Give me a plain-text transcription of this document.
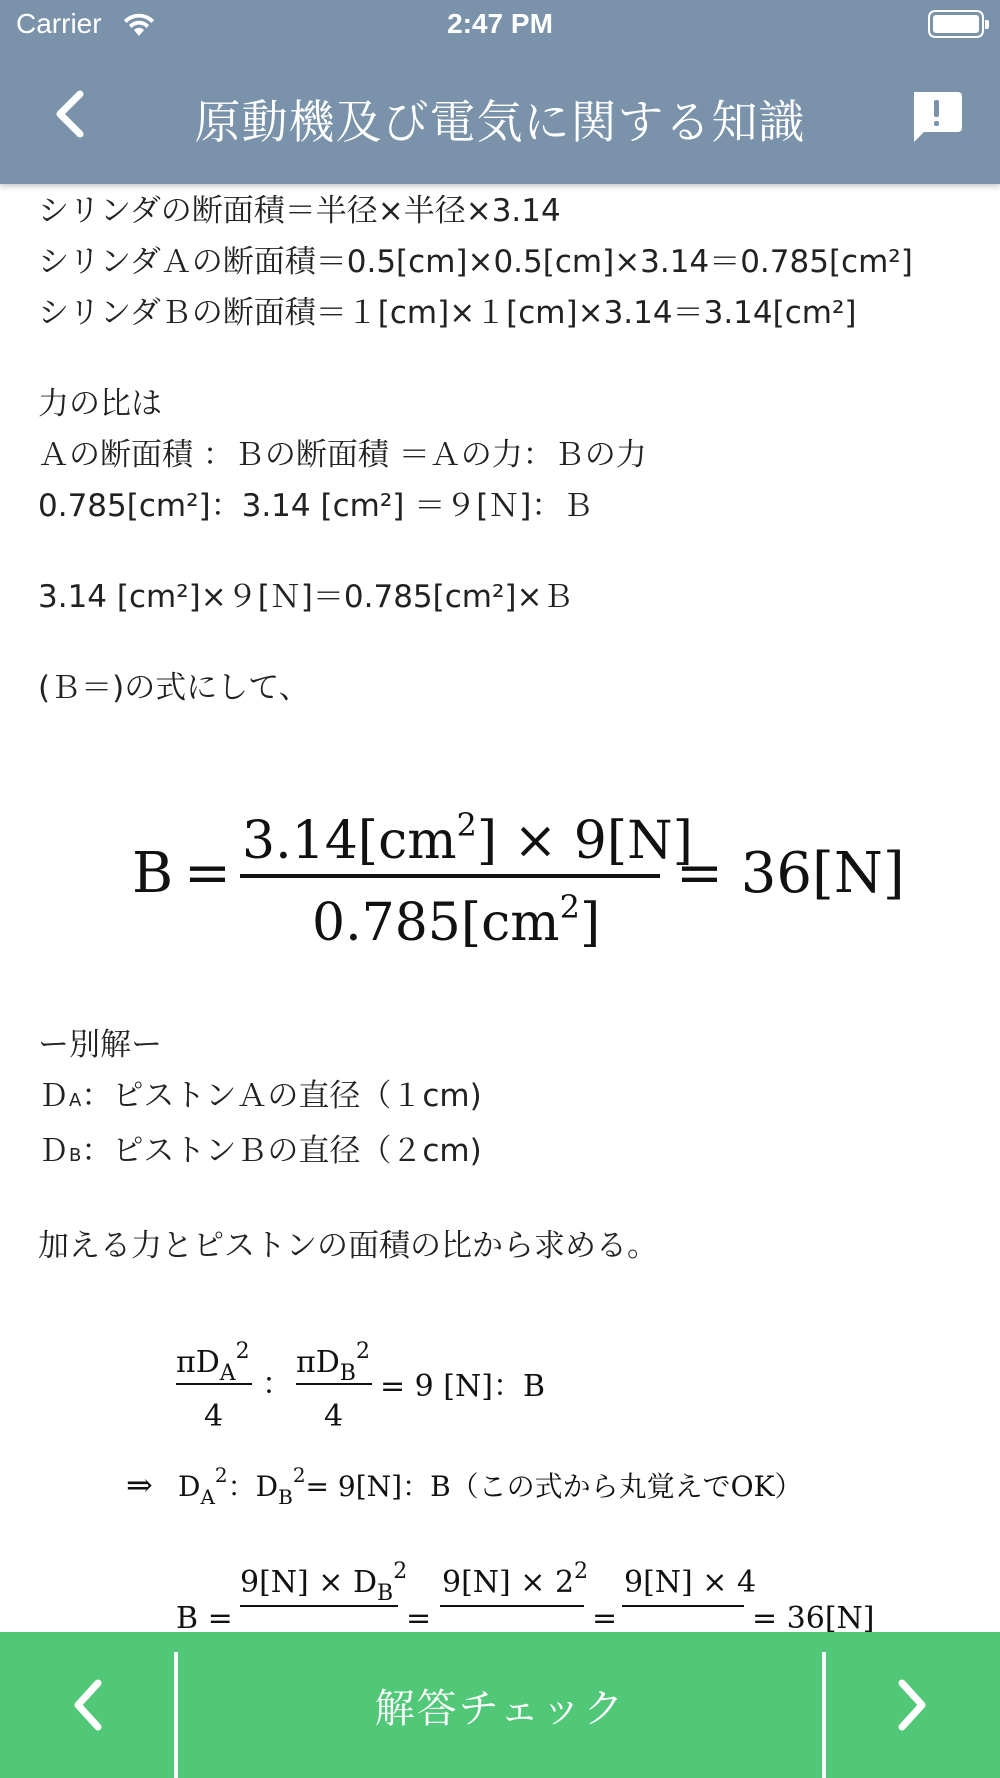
Carrier	2:47 PM
原動機及び電気に関する知識
シリンダの断面積＝半径×半径×3.14
シリンダＡの断面積＝0.5[cm]×0.5[cm]×3.14＝0.785[cm²]
シリンダＢの断面積＝１[cm]×１[cm]×3.14＝3.14[cm²]
力の比は
Ａの断面積 ：Ｂの断面積 ＝Ａの力：Ｂの力
0.785[cm²]：3.14 [cm²] ＝９[Ｎ]：Ｂ
3.14 [cm²]×９[Ｎ]＝0.785[cm²]×Ｂ
(Ｂ＝)の式にして、
$B = 3.14[cm^2] \times 9[N]$
$0.785[cm^2]$
= 36[N]
ー別解ー
ＤA：ピストンＡの直径（１cm)
ＤB：ピストンＢの直径（２cm)
加える力とピストンの面積の比から求める。
$\pi D_A^2$
4
：
$\pi D_B^2$
4
= 9 [N]：B
⇒ $D_A^2$：$D_B^2= 9[N]$：B（この式から丸覚えでOK）
B =
$9[N] \times D_B^2$
=
$9[N] \times 2^2$
=
9[N] × 4
= 36[N]
解答チェック
